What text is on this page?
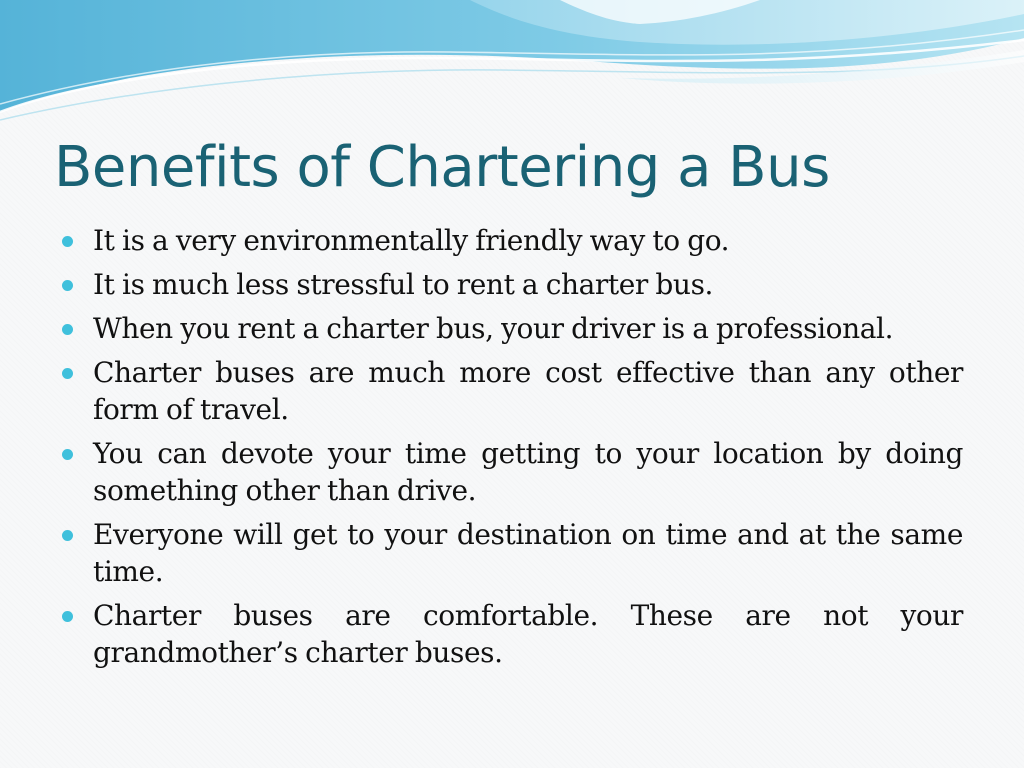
Benefits of Chartering a Bus
It is a very environmentally friendly way to go.
It is much less stressful to rent a charter bus.
When you rent a charter bus, your driver is a professional.
Charter buses are much more cost effective than any other form of travel.
You can devote your time getting to your location by doing something other than drive.
Everyone will get to your destination on time and at the same time.
Charter buses are comfortable. These are not your grandmother’s charter buses.
